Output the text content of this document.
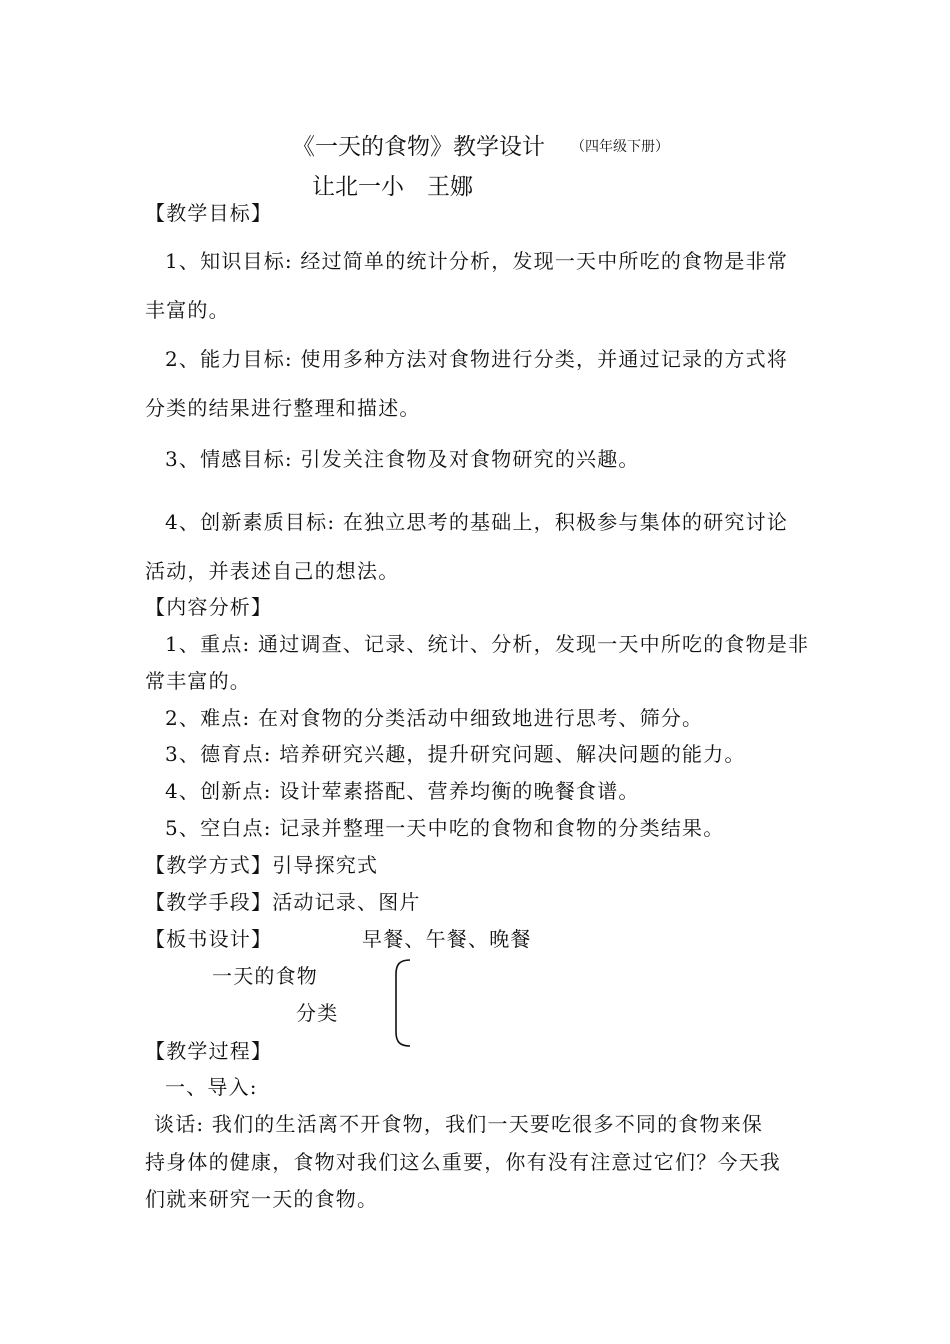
《一天的食物》教学设计 （四年级下册）
让北一小　王娜
【教学目标】
1、知识目标: 经过简单的统计分析，发现一天中所吃的食物是非常
丰富的。
2、能力目标: 使用多种方法对食物进行分类，并通过记录的方式将
分类的结果进行整理和描述。
3、情感目标: 引发关注食物及对食物研究的兴趣。
4、创新素质目标: 在独立思考的基础上，积极参与集体的研究讨论
活动，并表述自己的想法。
【内容分析】
1、重点: 通过调查、记录、统计、分析，发现一天中所吃的食物是非
常丰富的。
2、难点: 在对食物的分类活动中细致地进行思考、筛分。
3、德育点: 培养研究兴趣，提升研究问题、解决问题的能力。
4、创新点: 设计荤素搭配、营养均衡的晚餐食谱。
5、空白点: 记录并整理一天中吃的食物和食物的分类结果。
【教学方式】引导探究式
【教学手段】活动记录、图片
【板书设计】	早餐、午餐、晚餐
一天的食物
分类
【教学过程】
一、导入:
谈话: 我们的生活离不开食物，我们一天要吃很多不同的食物来保
持身体的健康，食物对我们这么重要，你有没有注意过它们？今天我
们就来研究一天的食物。
